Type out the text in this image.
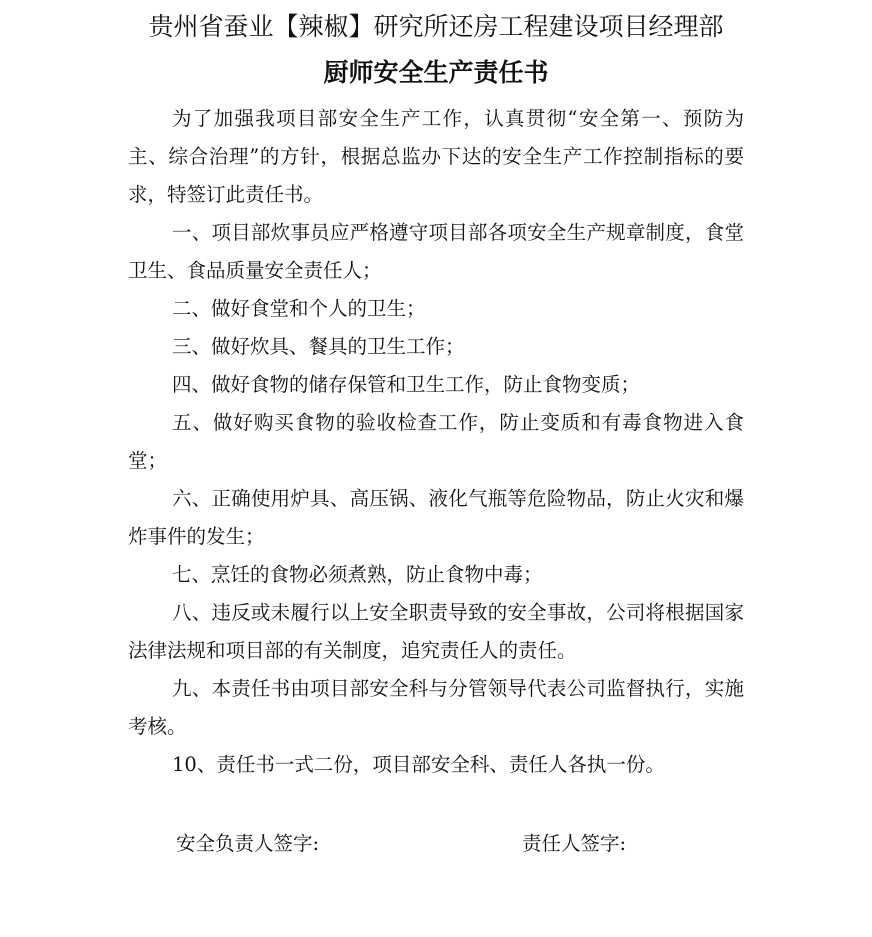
贵州省蚕业【辣椒】研究所还房工程建设项目经理部
厨师安全生产责任书

为了加强我项目部安全生产工作，认真贯彻“安全第一、预防为主、综合治理”的方针，根据总监办下达的安全生产工作控制指标的要求，特签订此责任书。

一、项目部炊事员应严格遵守项目部各项安全生产规章制度，食堂卫生、食品质量安全责任人；

二、做好食堂和个人的卫生；

三、做好炊具、餐具的卫生工作；

四、做好食物的储存保管和卫生工作，防止食物变质；

五、做好购买食物的验收检查工作，防止变质和有毒食物进入食堂；

六、正确使用炉具、高压锅、液化气瓶等危险物品，防止火灾和爆炸事件的发生；

七、烹饪的食物必须煮熟，防止食物中毒；

八、违反或未履行以上安全职责导致的安全事故，公司将根据国家法律法规和项目部的有关制度，追究责任人的责任。

九、本责任书由项目部安全科与分管领导代表公司监督执行，实施考核。

10、责任书一式二份，项目部安全科、责任人各执一份。

安全负责人签字:	责任人签字:
